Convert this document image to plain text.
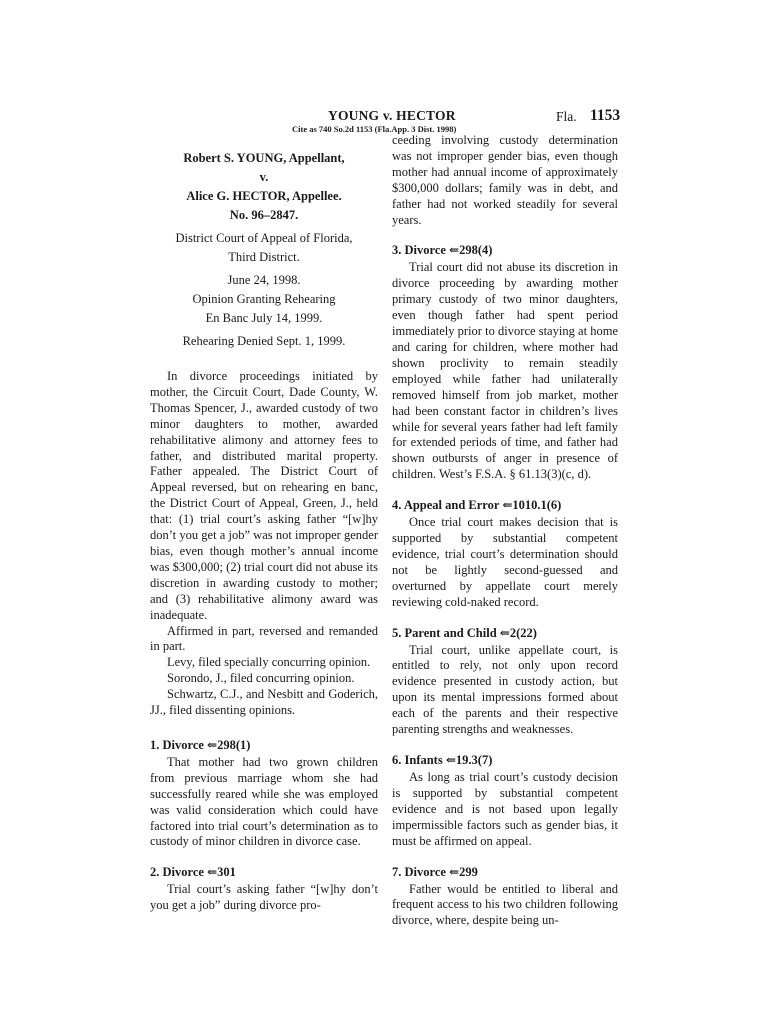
YOUNG v. HECTOR	Fla. 1153
Cite as 740 So.2d 1153 (Fla.App. 3 Dist. 1998)
Robert S. YOUNG, Appellant,
v.
Alice G. HECTOR, Appellee.
No. 96–2847.
District Court of Appeal of Florida,
Third District.
June 24, 1998.
Opinion Granting Rehearing
En Banc July 14, 1999.
Rehearing Denied Sept. 1, 1999.

In divorce proceedings initiated by mother, the Circuit Court, Dade County, W. Thomas Spencer, J., awarded custody of two minor daughters to mother, awarded rehabilitative alimony and attorney fees to father, and distributed marital property. Father appealed. The District Court of Appeal reversed, but on rehearing en banc, the District Court of Appeal, Green, J., held that: (1) trial court’s asking father “[w]hy don’t you get a job” was not improper gender bias, even though mother’s annual income was $300,000; (2) trial court did not abuse its discretion in awarding custody to mother; and (3) rehabilitative alimony award was inadequate.

Affirmed in part, reversed and remanded in part.

Levy, filed specially concurring opinion.

Sorondo, J., filed concurring opinion.

Schwartz, C.J., and Nesbitt and Goderich, JJ., filed dissenting opinions.

1. Divorce ⇐298(1)

That mother had two grown children from previous marriage whom she had successfully reared while she was employed was valid consideration which could have factored into trial court’s determination as to custody of minor children in divorce case.

2. Divorce ⇐301

Trial court’s asking father “[w]hy don’t you get a job” during divorce pro-

ceeding involving custody determination was not improper gender bias, even though mother had annual income of approximately $300,000 dollars; family was in debt, and father had not worked steadily for several years.

3. Divorce ⇐298(4)

Trial court did not abuse its discretion in divorce proceeding by awarding mother primary custody of two minor daughters, even though father had spent period immediately prior to divorce staying at home and caring for children, where mother had shown proclivity to remain steadily employed while father had unilaterally removed himself from job market, mother had been constant factor in children’s lives while for several years father had left family for extended periods of time, and father had shown outbursts of anger in presence of children. West’s F.S.A. § 61.13(3)(c, d).

4. Appeal and Error ⇐1010.1(6)

Once trial court makes decision that is supported by substantial competent evidence, trial court’s determination should not be lightly second-guessed and overturned by appellate court merely reviewing cold-naked record.

5. Parent and Child ⇐2(22)

Trial court, unlike appellate court, is entitled to rely, not only upon record evidence presented in custody action, but upon its mental impressions formed about each of the parents and their respective parenting strengths and weaknesses.

6. Infants ⇐19.3(7)

As long as trial court’s custody decision is supported by substantial competent evidence and is not based upon legally impermissible factors such as gender bias, it must be affirmed on appeal.

7. Divorce ⇐299

Father would be entitled to liberal and frequent access to his two children following divorce, where, despite being un-
